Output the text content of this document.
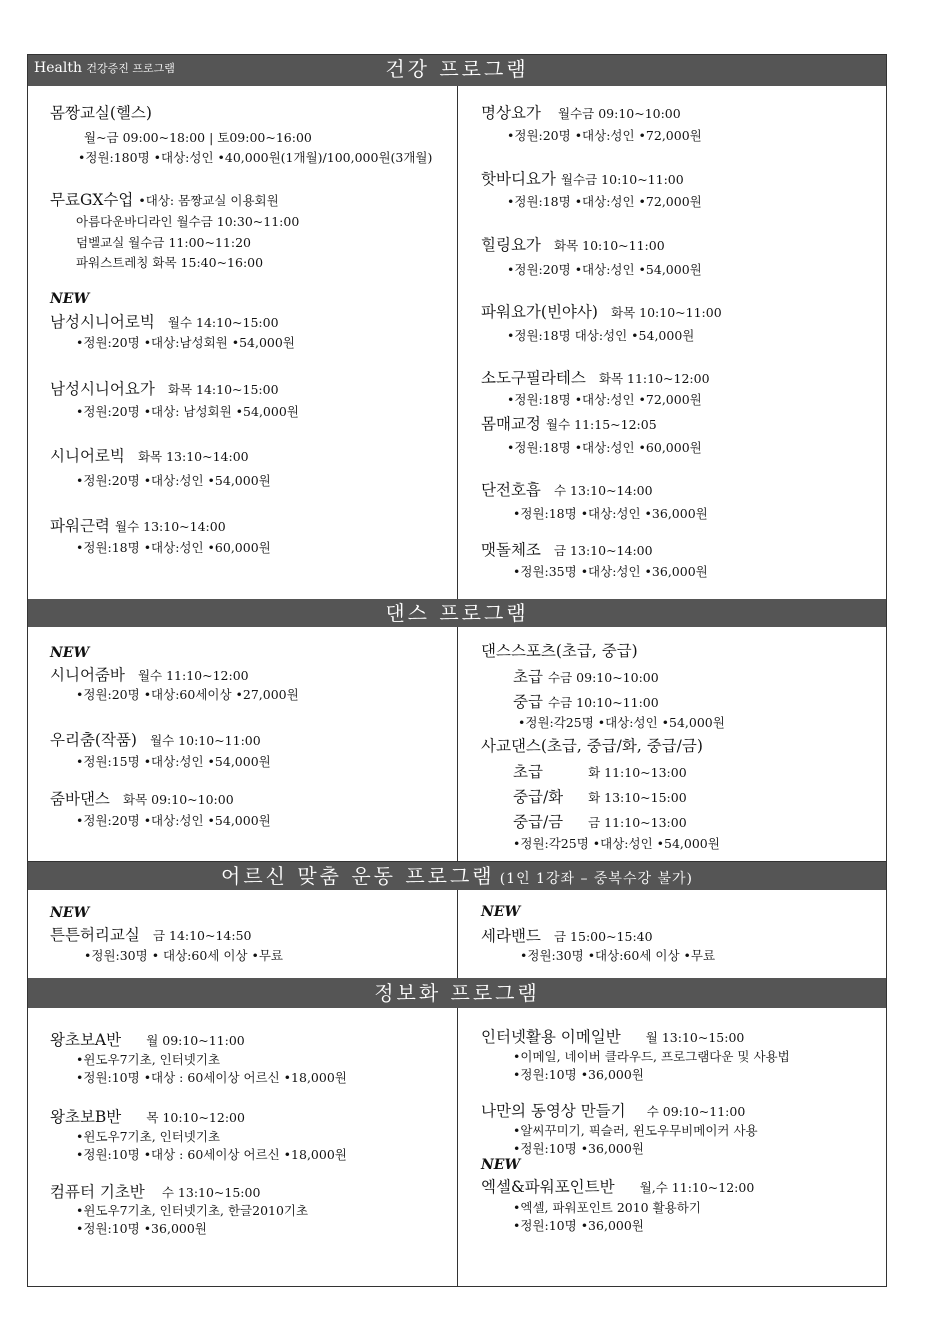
Health 건강증진 프로그램	건강 프로그램
몸짱교실(헬스)
월~금 09:00~18:00 | 토09:00~16:00
•정원:180명 •대상:성인 •40,000원(1개월)/100,000원(3개월)
무료GX수업 •대상: 몸짱교실 이용회원
아름다운바디라인 월수금 10:30~11:00
덤벨교실 월수금 11:00~11:20
파워스트레칭 화목 15:40~16:00
NEW
남성시니어로빅 월수 14:10~15:00
•정원:20명 •대상:남성회원 •54,000원
남성시니어요가 화목 14:10~15:00
•정원:20명 •대상: 남성회원 •54,000원
시니어로빅 화목 13:10~14:00
•정원:20명 •대상:성인 •54,000원
파워근력 월수 13:10~14:00
•정원:18명 •대상:성인 •60,000원
명상요가 월수금 09:10~10:00
•정원:20명 •대상:성인 •72,000원
핫바디요가 월수금 10:10~11:00
•정원:18명 •대상:성인 •72,000원
힐링요가 화목 10:10~11:00
•정원:20명 •대상:성인 •54,000원
파워요가(빈야사) 화목 10:10~11:00
•정원:18명 대상:성인 •54,000원
소도구필라테스 화목 11:10~12:00
•정원:18명 •대상:성인 •72,000원
몸매교정 월수 11:15~12:05
•정원:18명 •대상:성인 •60,000원
단전호흡 수 13:10~14:00
•정원:18명 •대상:성인 •36,000원
맷돌체조 금 13:10~14:00
•정원:35명 •대상:성인 •36,000원
댄스 프로그램
NEW
시니어줌바 월수 11:10~12:00
•정원:20명 •대상:60세이상 •27,000원
우리춤(작품) 월수 10:10~11:00
•정원:15명 •대상:성인 •54,000원
줌바댄스 화목 09:10~10:00
•정원:20명 •대상:성인 •54,000원
댄스스포츠(초급, 중급)
초급 수금 09:10~10:00
중급 수금 10:10~11:00
•정원:각25명 •대상:성인 •54,000원
사교댄스(초급, 중급/화, 중급/금)
초급	화 11:10~13:00
중급/화 화 13:10~15:00
중급/금 금 11:10~13:00
•정원:각25명 •대상:성인 •54,000원
어르신 맞춤 운동 프로그램 (1인 1강좌 – 중복수강 불가)
NEW
튼튼허리교실 금 14:10~14:50
•정원:30명 • 대상:60세 이상 •무료
NEW
세라밴드 금 15:00~15:40
•정원:30명 •대상:60세 이상 •무료
정보화 프로그램
왕초보A반 월 09:10~11:00
•윈도우7기초, 인터넷기초
•정원:10명 •대상 : 60세이상 어르신 •18,000원
왕초보B반 목 10:10~12:00
•윈도우7기초, 인터넷기초
•정원:10명 •대상 : 60세이상 어르신 •18,000원
컴퓨터 기초반 수 13:10~15:00
•윈도우7기초, 인터넷기초, 한글2010기초
•정원:10명 •36,000원
인터넷활용 이메일반 월 13:10~15:00
•이메일, 네이버 클라우드, 프로그램다운 및 사용법
•정원:10명 •36,000원
나만의 동영상 만들기 수 09:10~11:00
•알씨꾸미기, 픽슬러, 윈도우무비메이커 사용
•정원:10명 •36,000원
NEW
엑셀&파워포인트반 월,수 11:10~12:00
•엑셀, 파워포인트 2010 활용하기
•정원:10명 •36,000원
